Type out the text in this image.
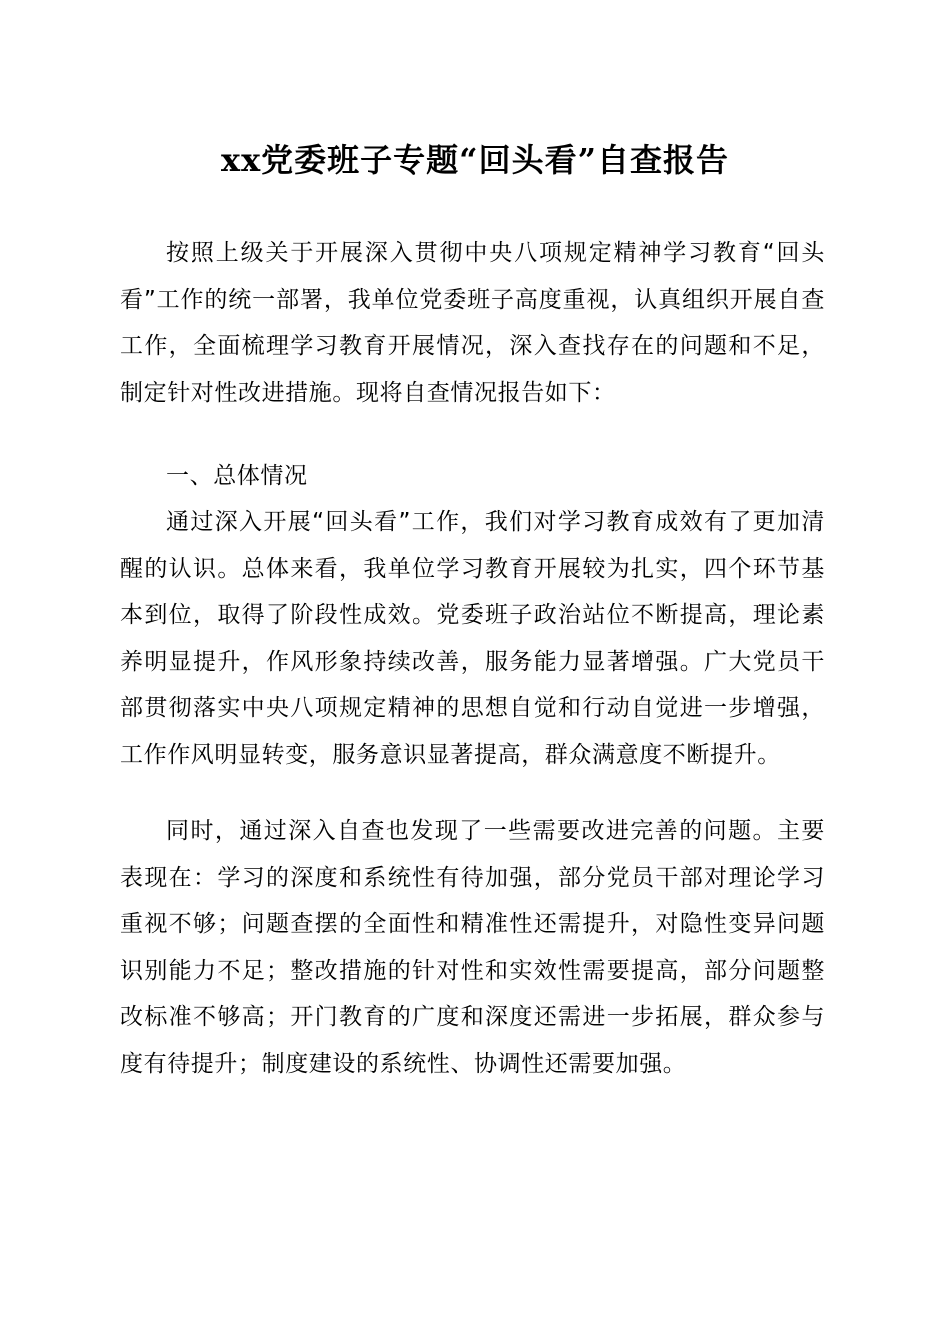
xx党委班子专题“回头看”自查报告

按照上级关于开展深入贯彻中央八项规定精神学习教育“回头看”工作的统一部署，我单位党委班子高度重视，认真组织开展自查工作，全面梳理学习教育开展情况，深入查找存在的问题和不足，制定针对性改进措施。现将自查情况报告如下：

一、总体情况

通过深入开展“回头看”工作，我们对学习教育成效有了更加清醒的认识。总体来看，我单位学习教育开展较为扎实，四个环节基本到位，取得了阶段性成效。党委班子政治站位不断提高，理论素养明显提升，作风形象持续改善，服务能力显著增强。广大党员干部贯彻落实中央八项规定精神的思想自觉和行动自觉进一步增强，工作作风明显转变，服务意识显著提高，群众满意度不断提升。

同时，通过深入自查也发现了一些需要改进完善的问题。主要表现在：学习的深度和系统性有待加强，部分党员干部对理论学习重视不够；问题查摆的全面性和精准性还需提升，对隐性变异问题识别能力不足；整改措施的针对性和实效性需要提高，部分问题整改标准不够高；开门教育的广度和深度还需进一步拓展，群众参与度有待提升；制度建设的系统性、协调性还需要加强。
